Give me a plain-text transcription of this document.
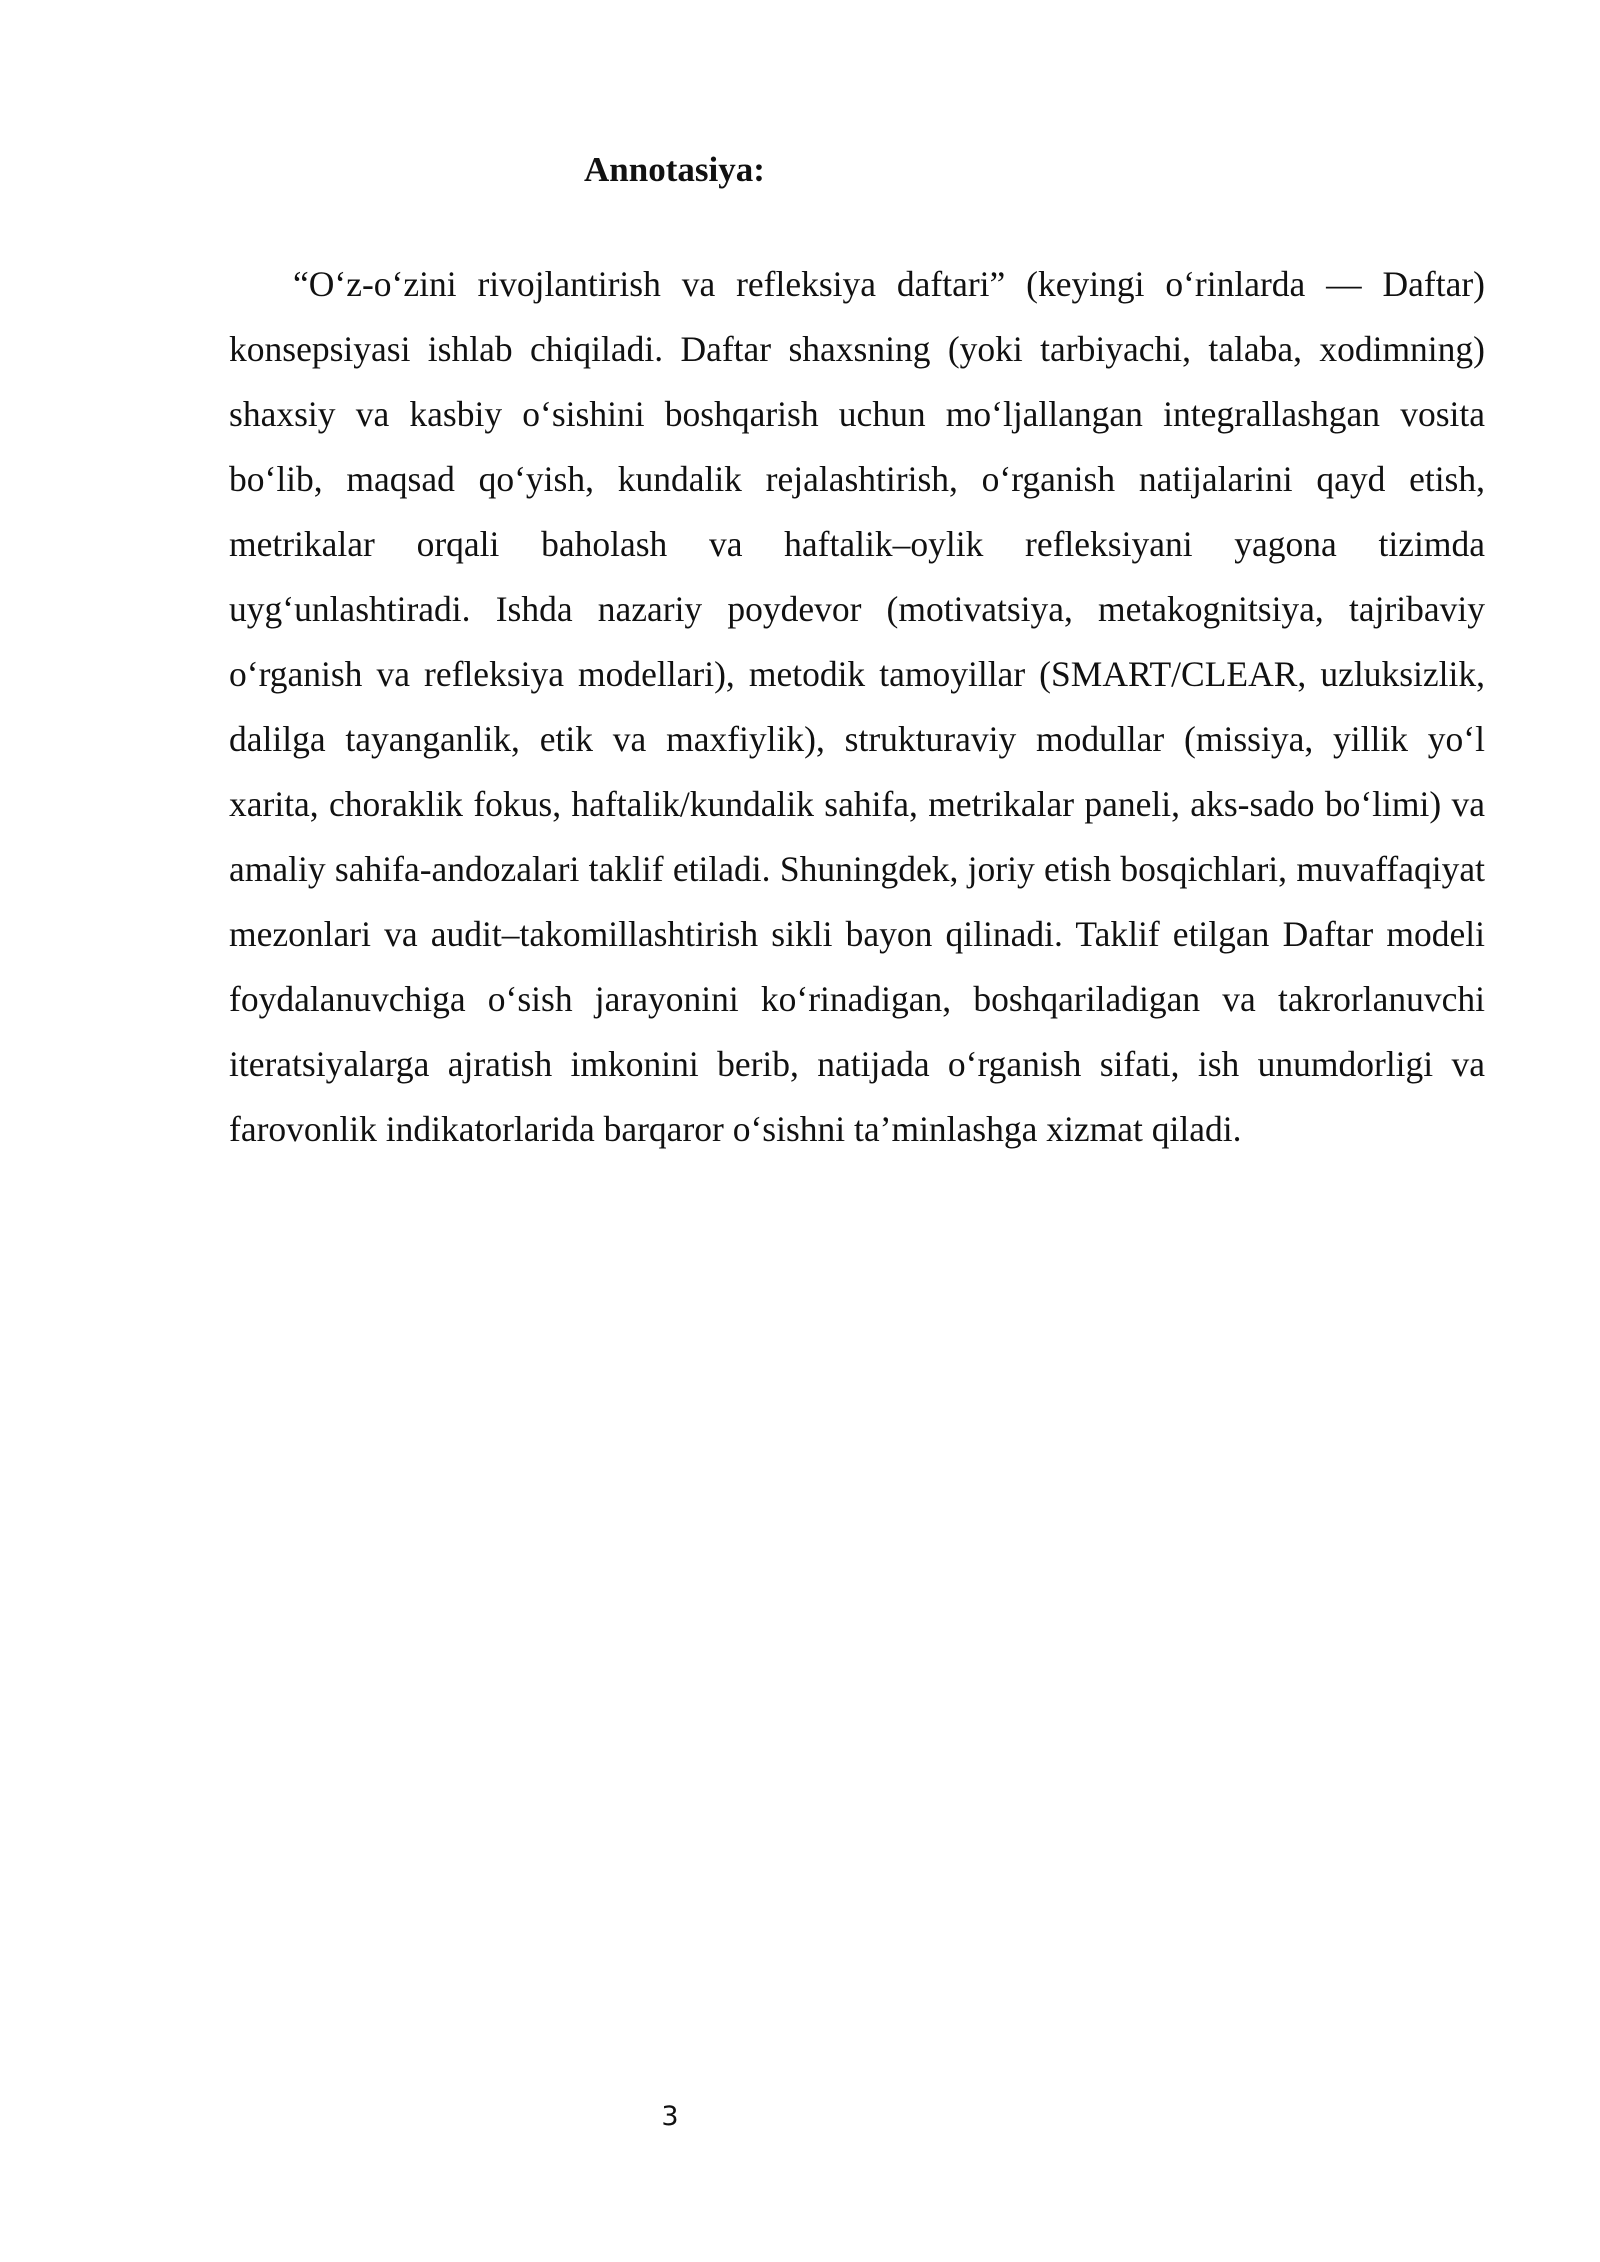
Annotasiya:

“O‘z-o‘zini rivojlantirish va refleksiya daftari” (keyingi o‘rinlarda — Daftar) konsepsiyasi ishlab chiqiladi. Daftar shaxsning (yoki tarbiyachi, talaba, xodimning) shaxsiy va kasbiy o‘sishini boshqarish uchun mo‘ljallangan integrallashgan vosita bo‘lib, maqsad qo‘yish, kundalik rejalashtirish, o‘rganish natijalarini qayd etish, metrikalar orqali baholash va haftalik–oylik refleksiyani yagona tizimda uyg‘unlashtiradi. Ishda nazariy poydevor (motivatsiya, metakognitsiya, tajribaviy o‘rganish va refleksiya modellari), metodik tamoyillar (SMART/CLEAR, uzluksizlik, dalilga tayanganlik, etik va maxfiylik), strukturaviy modullar (missiya, yillik yo‘l xarita, choraklik fokus, haftalik/kundalik sahifa, metrikalar paneli, aks-sado bo‘limi) va amaliy sahifa-andozalari taklif etiladi. Shuningdek, joriy etish bosqichlari, muvaffaqiyat mezonlari va audit–takomillashtirish sikli bayon qilinadi. Taklif etilgan Daftar modeli foydalanuvchiga o‘sish jarayonini ko‘rinadigan, boshqariladigan va takrorlanuvchi iteratsiyalarga ajratish imkonini berib, natijada o‘rganish sifati, ish unumdorligi va farovonlik indikatorlarida barqaror o‘sishni ta’minlashga xizmat qiladi.

3
